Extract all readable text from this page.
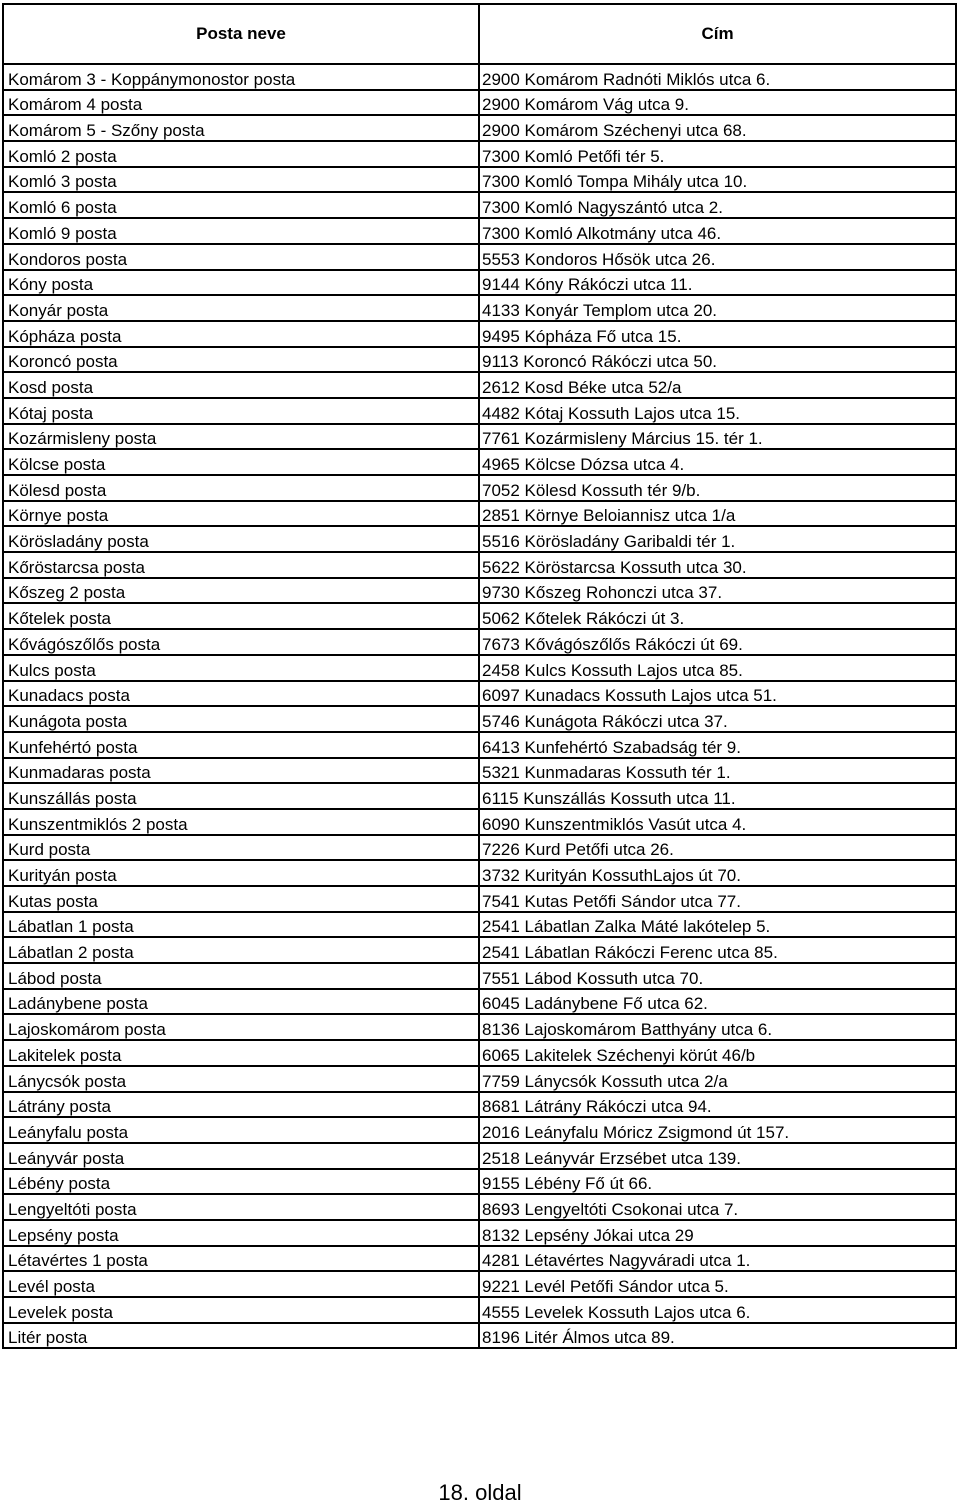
Posta neve	Cím
Komárom 3 - Koppánymonostor posta	2900 Komárom Radnóti Miklós utca 6.
Komárom 4 posta	2900 Komárom Vág utca 9.
Komárom 5 - Szőny posta	2900 Komárom Széchenyi utca 68.
Komló 2 posta	7300 Komló Petőfi tér 5.
Komló 3 posta	7300 Komló Tompa Mihály utca 10.
Komló 6 posta	7300 Komló Nagyszántó utca 2.
Komló 9 posta	7300 Komló Alkotmány utca 46.
Kondoros posta	5553 Kondoros Hősök utca 26.
Kóny posta	9144 Kóny Rákóczi utca 11.
Konyár posta	4133 Konyár Templom utca 20.
Kópháza posta	9495 Kópháza Fő utca 15.
Koroncó posta	9113 Koroncó Rákóczi utca 50.
Kosd posta	2612 Kosd Béke utca 52/a
Kótaj posta	4482 Kótaj Kossuth Lajos utca 15.
Kozármisleny posta	7761 Kozármisleny Március 15. tér 1.
Kölcse posta	4965 Kölcse Dózsa utca 4.
Kölesd posta	7052 Kölesd Kossuth tér 9/b.
Környe posta	2851 Környe Beloiannisz utca 1/a
Körösladány posta	5516 Körösladány Garibaldi tér 1.
Kőröstarcsa posta	5622 Köröstarcsa Kossuth utca 30.
Kőszeg 2 posta	9730 Kőszeg Rohonczi utca 37.
Kőtelek posta	5062 Kőtelek Rákóczi út 3.
Kővágószőlős posta	7673 Kővágószőlős Rákóczi út 69.
Kulcs posta	2458 Kulcs Kossuth Lajos utca 85.
Kunadacs posta	6097 Kunadacs Kossuth Lajos utca 51.
Kunágota posta	5746 Kunágota Rákóczi utca 37.
Kunfehértó posta	6413 Kunfehértó Szabadság tér 9.
Kunmadaras posta	5321 Kunmadaras Kossuth tér 1.
Kunszállás posta	6115 Kunszállás Kossuth utca 11.
Kunszentmiklós 2 posta	6090 Kunszentmiklós Vasút utca 4.
Kurd posta	7226 Kurd Petőfi utca 26.
Kurityán posta	3732 Kurityán KossuthLajos út 70.
Kutas posta	7541 Kutas Petőfi Sándor utca 77.
Lábatlan 1 posta	2541 Lábatlan Zalka Máté lakótelep 5.
Lábatlan 2 posta	2541 Lábatlan Rákóczi Ferenc utca 85.
Lábod posta	7551 Lábod Kossuth utca 70.
Ladánybene posta	6045 Ladánybene Fő utca 62.
Lajoskomárom posta	8136 Lajoskomárom Batthyány utca 6.
Lakitelek posta	6065 Lakitelek Széchenyi körút 46/b
Lánycsók posta	7759 Lánycsók Kossuth utca 2/a
Látrány posta	8681 Látrány Rákóczi utca 94.
Leányfalu posta	2016 Leányfalu Móricz Zsigmond út 157.
Leányvár posta	2518 Leányvár Erzsébet utca 139.
Lébény posta	9155 Lébény Fő út 66.
Lengyeltóti posta	8693 Lengyeltóti Csokonai utca 7.
Lepsény posta	8132 Lepsény Jókai utca 29
Létavértes 1 posta	4281 Létavértes Nagyváradi utca 1.
Levél posta	9221 Levél Petőfi Sándor utca 5.
Levelek posta	4555 Levelek Kossuth Lajos utca 6.
Litér posta	8196 Litér Álmos utca 89.
18. oldal
